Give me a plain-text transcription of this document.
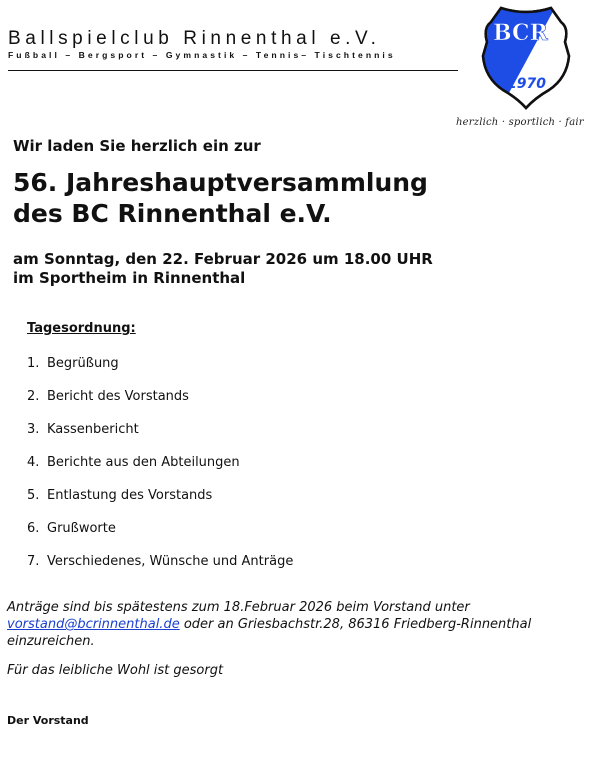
Ballspielclub Rinnenthal e.V.
Fußball – Bergsport – Gymnastik – Tennis– Tischtennis
BCR
1970
herzlich · sportlich · fair
Wir laden Sie herzlich ein zur
56. Jahreshauptversammlung
des BC Rinnenthal e.V.
am Sonntag, den 22. Februar 2026 um 18.00 UHR
im Sportheim in Rinnenthal
Tagesordnung:
1. Begrüßung
2. Bericht des Vorstands
3. Kassenbericht
4. Berichte aus den Abteilungen
5. Entlastung des Vorstands
6. Grußworte
7. Verschiedenes, Wünsche und Anträge
Anträge sind bis spätestens zum 18.Februar 2026 beim Vorstand unter vorstand@bcrinnenthal.de oder an Griesbachstr.28, 86316 Friedberg-Rinnenthal einzureichen.
Für das leibliche Wohl ist gesorgt
Der Vorstand
